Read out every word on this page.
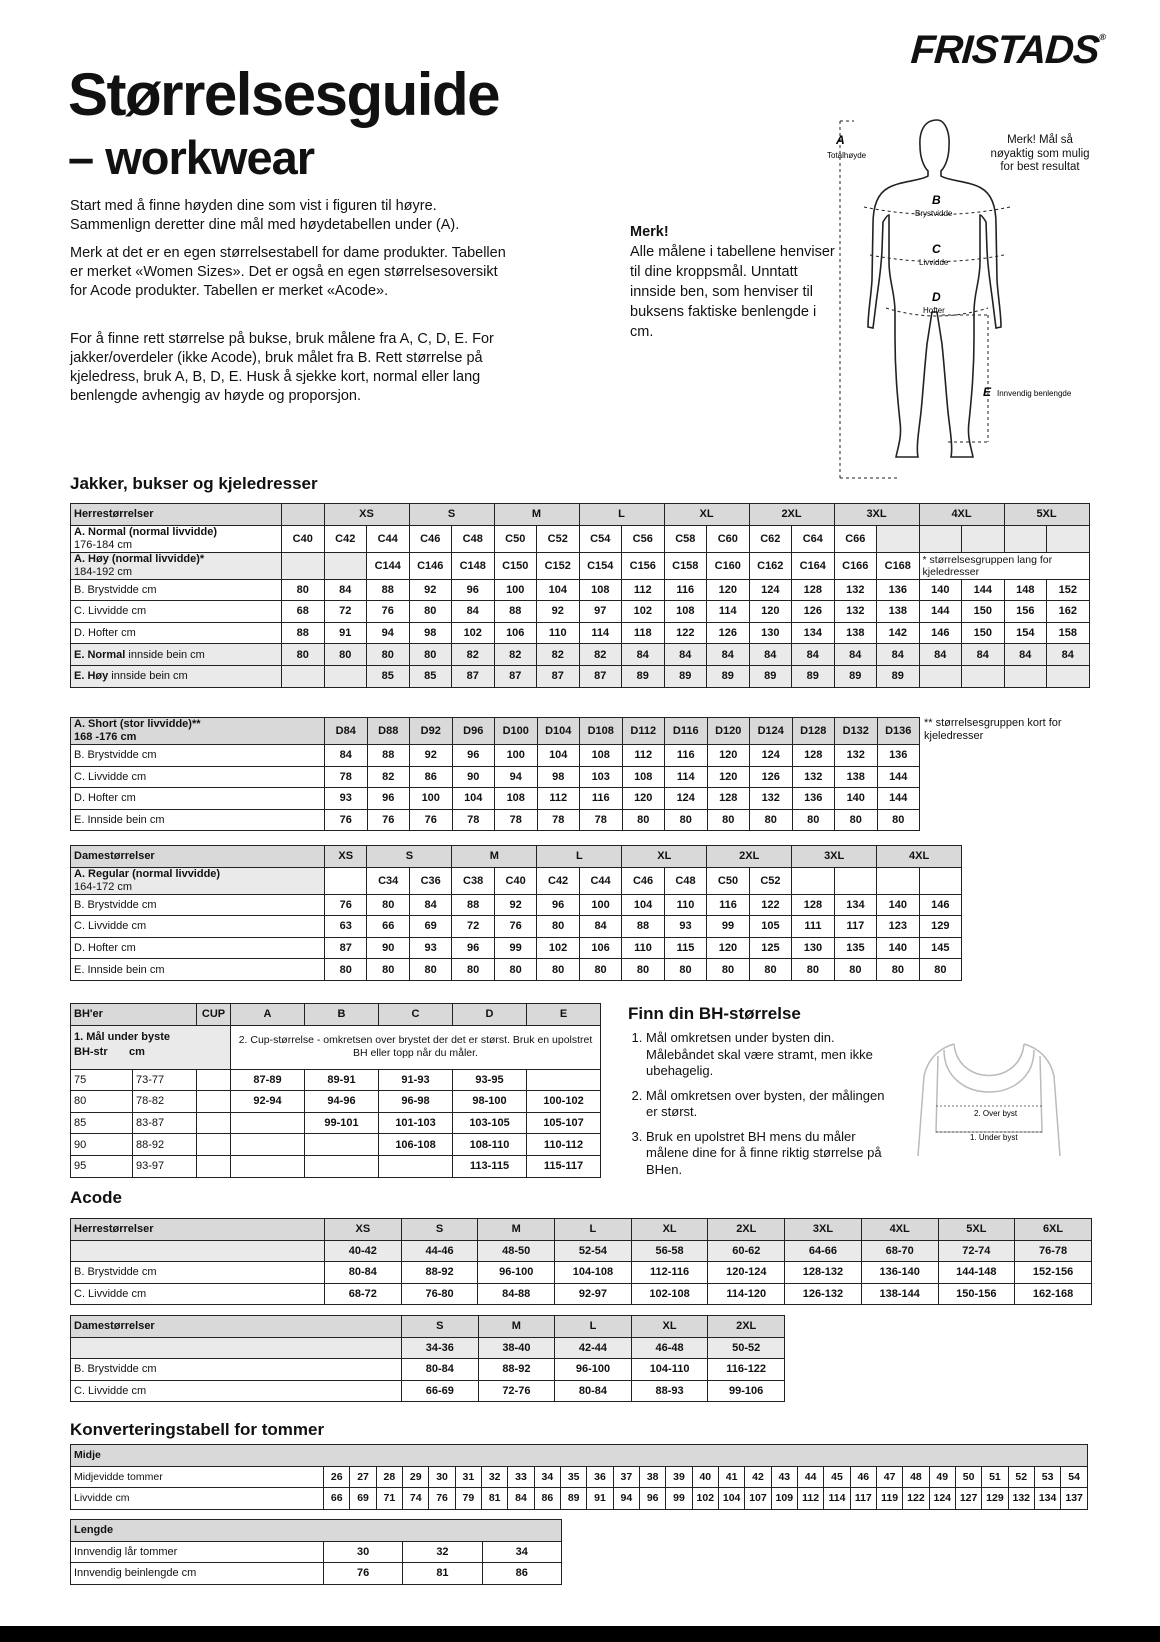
FRISTADS®
Størrelsesguide
– workwear

Start med å finne høyden dine som vist i figuren til høyre. Sammenlign deretter dine mål med høydetabellen under (A).

Merk at det er en egen størrelsestabell for dame produkter. Tabellen er merket «Women Sizes». Det er også en egen størrelsesoversikt for Acode produkter. Tabellen er merket «Acode».

For å finne rett størrelse på bukse, bruk målene fra A, C, D, E. For jakker/overdeler (ikke Acode), bruk målet fra B. Rett størrelse på kjeledress, bruk A, B, D, E. Husk å sjekke kort, normal eller lang benlengde avhengig av høyde og proporsjon.

Merk!
Alle målene i tabellene henviser til dine kroppsmål. Unntatt innside ben, som henviser til buksens faktiske benlengde i cm.
A
Totalhøyde
B
Brystvidde
C
Livvidde
D
Hofter
E Innvendig benlengde
Merk! Mål så nøyaktig som mulig for best resultat
Jakker, bukser og kjeledresser
Herrestørrelser		XS		S		M		L		XL		2XL		3XL		4XL		5XL	
A. Normal (normal livvidde)
176-184 cm	C40	C42	C44	C46	C48	C50	C52	C54	C56	C58	C60	C62	C64	C66					
A. Høy (normal livvidde)*
184-192 cm			C144	C146	C148	C150	C152	C154	C156	C158	C160	C162	C164	C166	C168	* størrelsesgruppen lang for kjeledresser			
B. Brystvidde cm	80	84	88	92	96	100	104	108	112	116	120	124	128	132	136	140	144	148	152
C. Livvidde cm	68	72	76	80	84	88	92	97	102	108	114	120	126	132	138	144	150	156	162
D. Hofter cm	88	91	94	98	102	106	110	114	118	122	126	130	134	138	142	146	150	154	158
E. Normal innside bein cm	80	80	80	80	82	82	82	82	84	84	84	84	84	84	84	84	84	84	84
E. Høy innside bein cm			85	85	87	87	87	87	89	89	89	89	89	89	89				
A. Short (stor livvidde)**
168 -176 cm	D84	D88	D92	D96	D100	D104	D108	D112	D116	D120	D124	D128	D132	D136
B. Brystvidde cm	84	88	92	96	100	104	108	112	116	120	124	128	132	136
C. Livvidde cm	78	82	86	90	94	98	103	108	114	120	126	132	138	144
D. Hofter cm	93	96	100	104	108	112	116	120	124	128	132	136	140	144
E. Innside bein cm	76	76	76	78	78	78	78	80	80	80	80	80	80	80
** størrelsesgruppen kort for kjeledresser
Damestørrelser	XS	S		M		L		XL		2XL		3XL		4XL	
A. Regular (normal livvidde)
164-172 cm		C34	C36	C38	C40	C42	C44	C46	C48	C50	C52				
B. Brystvidde cm	76	80	84	88	92	96	100	104	110	116	122	128	134	140	146
C. Livvidde cm	63	66	69	72	76	80	84	88	93	99	105	111	117	123	129
D. Hofter cm	87	90	93	96	99	102	106	110	115	120	125	130	135	140	145
E. Innside bein cm	80	80	80	80	80	80	80	80	80	80	80	80	80	80	80
BH'er		CUP	A	B	C	D	E

1. Mål under byste
BH-str cm			2. Cup-størrelse - omkretsen over brystet der det er størst. Bruk en upolstret BH eller topp når du måler.				
75	73-77		87-89	89-91	91-93	93-95	
80	78-82		92-94	94-96	96-98	98-100	100-102
85	83-87			99-101	101-103	103-105	105-107
90	88-92				106-108	108-110	110-112
95	93-97					113-115	115-117
Finn din BH-størrelse
1. Mål omkretsen under bysten din. Målebåndet skal være stramt, men ikke ubehagelig.
2. Mål omkretsen over bysten, der målingen er størst.
3. Bruk en upolstret BH mens du måler målene dine for å finne riktig størrelse på BHen.
2. Over byst
1. Under byst
Acode
Herrestørrelser	XS	S	M	L	XL	2XL	3XL	4XL	5XL	6XL
	40-42	44-46	48-50	52-54	56-58	60-62	64-66	68-70	72-74	76-78
B. Brystvidde cm	80-84	88-92	96-100	104-108	112-116	120-124	128-132	136-140	144-148	152-156
C. Livvidde cm	68-72	76-80	84-88	92-97	102-108	114-120	126-132	138-144	150-156	162-168
Damestørrelser	S	M	L	XL	2XL
	34-36	38-40	42-44	46-48	50-52
B. Brystvidde cm	80-84	88-92	96-100	104-110	116-122
C. Livvidde cm	66-69	72-76	80-84	88-93	99-106
Konverteringstabell for tommer
Midje																													
Midjevidde tommer	26	27	28	29	30	31	32	33	34	35	36	37	38	39	40	41	42	43	44	45	46	47	48	49	50	51	52	53	54
Livvidde cm	66	69	71	74	76	79	81	84	86	89	91	94	96	99	102	104	107	109	112	114	117	119	122	124	127	129	132	134	137
Lengde			
Innvendig lår tommer	30	32	34
Innvendig beinlengde cm	76	81	86
